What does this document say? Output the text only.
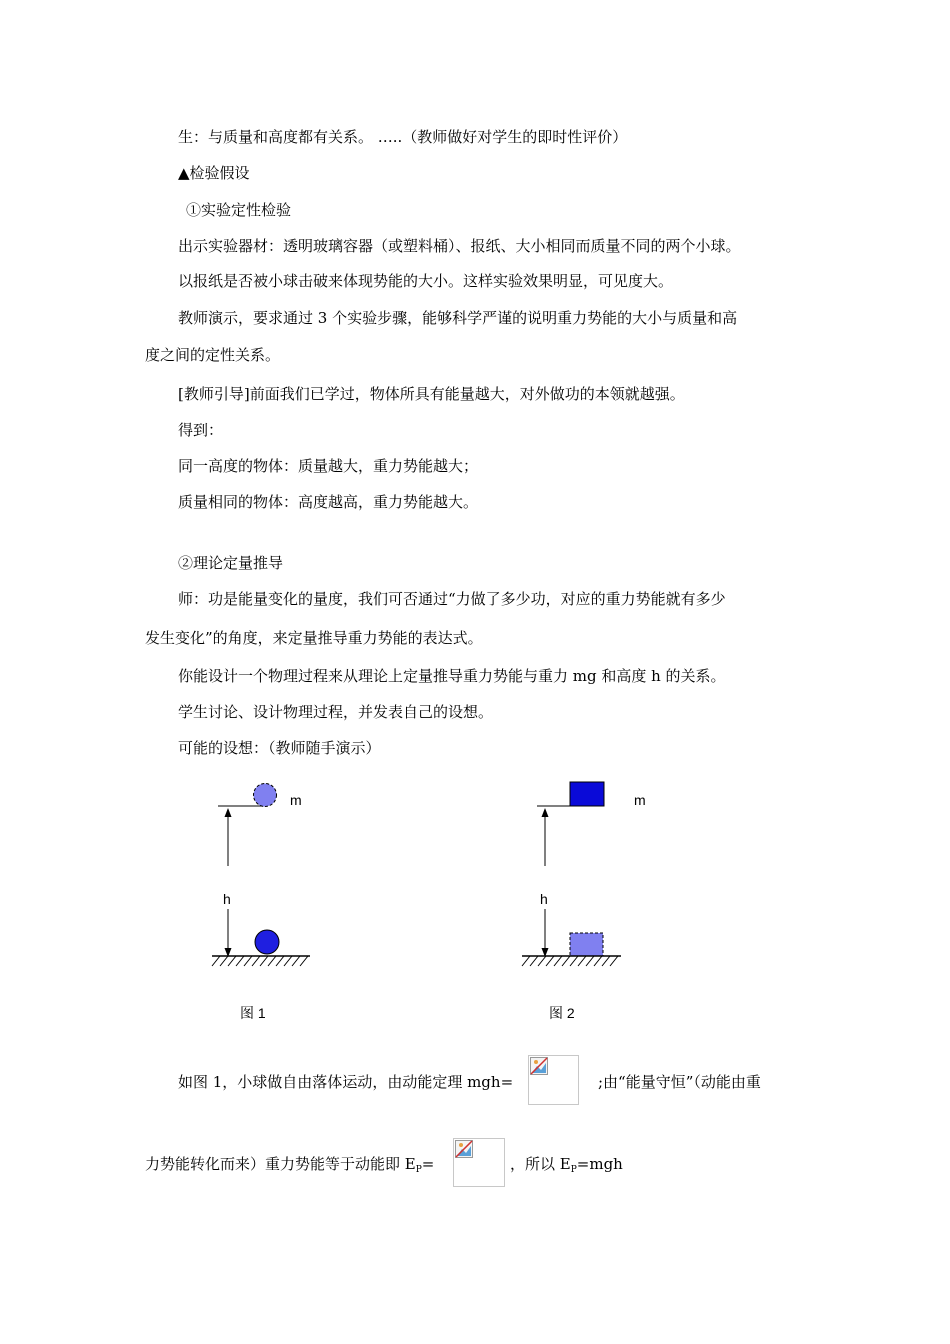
生：与质量和高度都有关系。 …..（教师做好对学生的即时性评价）
▲检验假设
①实验定性检验
出示实验器材：透明玻璃容器（或塑料桶）、报纸、大小相同而质量不同的两个小球。
以报纸是否被小球击破来体现势能的大小。这样实验效果明显，可见度大。
教师演示，要求通过 3 个实验步骤，能够科学严谨的说明重力势能的大小与质量和高
度之间的定性关系。
[教师引导]前面我们已学过，物体所具有能量越大，对外做功的本领就越强。
得到：
同一高度的物体：质量越大，重力势能越大；
质量相同的物体：高度越高，重力势能越大。
②理论定量推导
师：功是能量变化的量度，我们可否通过“力做了多少功，对应的重力势能就有多少
发生变化”的角度，来定量推导重力势能的表达式。
你能设计一个物理过程来从理论上定量推导重力势能与重力 mg 和高度 h 的关系。
学生讨论、设计物理过程，并发表自己的设想。
可能的设想：（教师随手演示）
m
h
图 1
m
h
图 2
如图 1，小球做自由落体运动，由动能定理 mgh=	;由“能量守恒”（动能由重
力势能转化而来）重力势能等于动能即 $E_P=$	，所以 $E_P=mgh$
